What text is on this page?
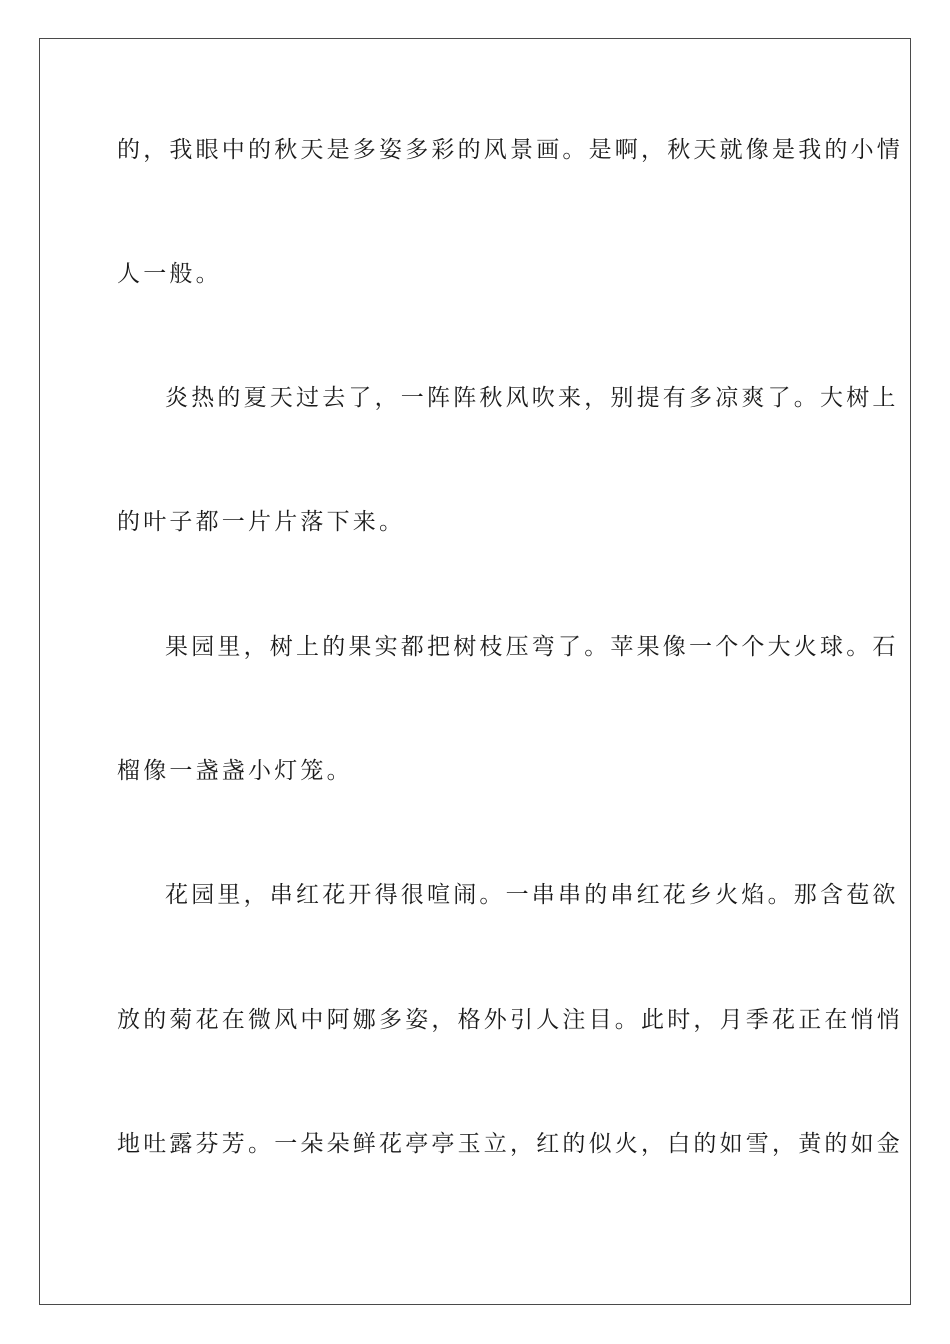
的，我眼中的秋天是多姿多彩的风景画。是啊，秋天就像是我的小情
人一般。
炎热的夏天过去了，一阵阵秋风吹来，别提有多凉爽了。大树上
的叶子都一片片落下来。
果园里，树上的果实都把树枝压弯了。苹果像一个个大火球。石
榴像一盏盏小灯笼。
花园里，串红花开得很喧闹。一串串的串红花乡火焰。那含苞欲
放的菊花在微风中阿娜多姿，格外引人注目。此时，月季花正在悄悄
地吐露芬芳。一朵朵鲜花亭亭玉立，红的似火，白的如雪，黄的如金
